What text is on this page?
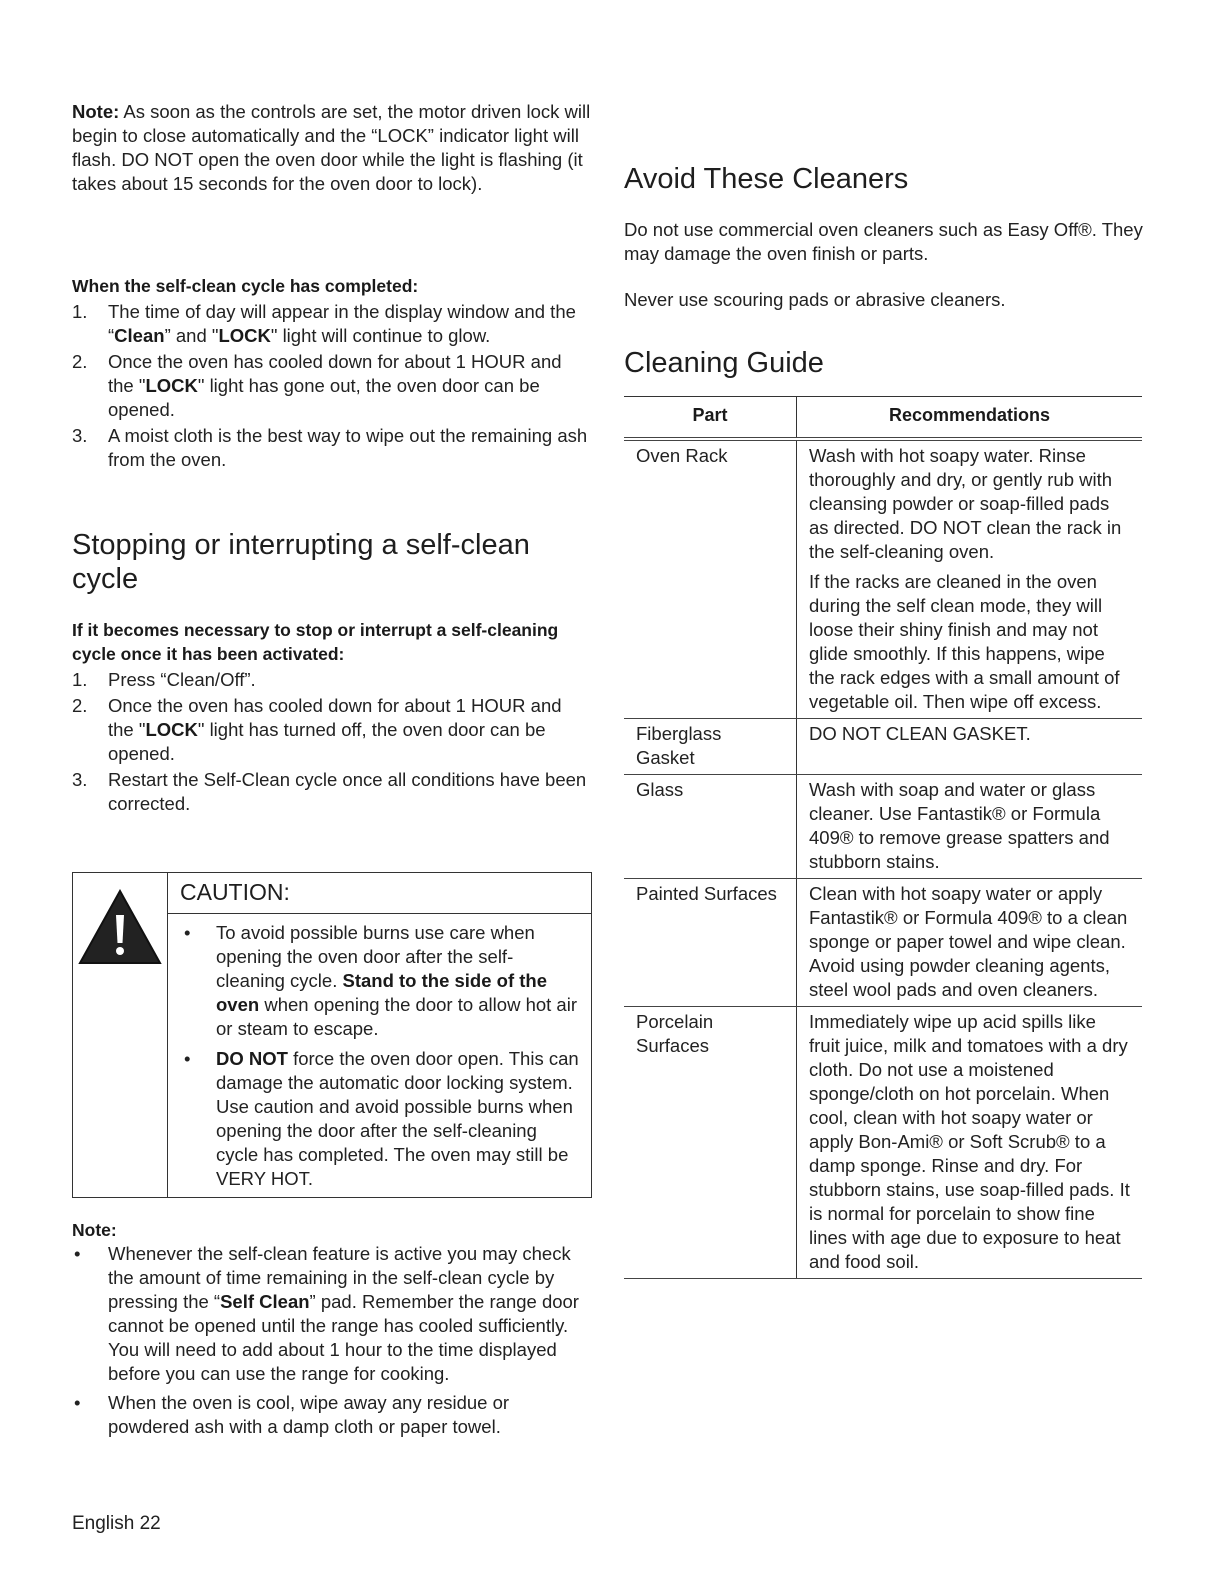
Note: As soon as the controls are set, the motor driven lock will begin to close automatically and the “LOCK” indicator light will flash. DO NOT open the oven door while the light is flashing (it takes about 15 seconds for the oven door to lock).

When the self-clean cycle has completed:
1. The time of day will appear in the display window and the “Clean” and "LOCK" light will continue to glow.
2. Once the oven has cooled down for about 1 HOUR and the "LOCK" light has gone out, the oven door can be opened.
3. A moist cloth is the best way to wipe out the remaining ash from the oven.
Stopping or interrupting a self-clean cycle
If it becomes necessary to stop or interrupt a self-cleaning cycle once it has been activated:
1. Press “Clean/Off”.
2. Once the oven has cooled down for about 1 HOUR and the "LOCK" light has turned off, the oven door can be opened.
3. Restart the Self-Clean cycle once all conditions have been corrected.
CAUTION:
• To avoid possible burns use care when opening the oven door after the self-cleaning cycle. Stand to the side of the oven when opening the door to allow hot air or steam to escape.
• DO NOT force the oven door open. This can damage the automatic door locking system. Use caution and avoid possible burns when opening the door after the self-cleaning cycle has completed. The oven may still be VERY HOT.
Note:
• Whenever the self-clean feature is active you may check the amount of time remaining in the self-clean cycle by pressing the “Self Clean” pad. Remember the range door cannot be opened until the range has cooled sufficiently. You will need to add about 1 hour to the time displayed before you can use the range for cooking.
• When the oven is cool, wipe away any residue or powdered ash with a damp cloth or paper towel.
Avoid These Cleaners

Do not use commercial oven cleaners such as Easy Off®. They may damage the oven finish or parts.

Never use scouring pads or abrasive cleaners.

Cleaning Guide
Part	Recommendations
Oven Rack	Wash with hot soapy water. Rinse thoroughly and dry, or gently rub with cleansing powder or soap-filled pads as directed. DO NOT clean the rack in the self-cleaning oven.

If the racks are cleaned in the oven during the self clean mode, they will loose their shiny finish and may not glide smoothly. If this happens, wipe the rack edges with a small amount of vegetable oil. Then wipe off excess.

Fiberglass Gasket	DO NOT CLEAN GASKET.

Glass	Wash with soap and water or glass cleaner. Use Fantastik® or Formula 409® to remove grease spatters and stubborn stains.

Painted Surfaces	Clean with hot soapy water or apply Fantastik® or Formula 409® to a clean sponge or paper towel and wipe clean. Avoid using powder cleaning agents, steel wool pads and oven cleaners.

Porcelain Surfaces	Immediately wipe up acid spills like fruit juice, milk and tomatoes with a dry cloth. Do not use a moistened sponge/cloth on hot porcelain. When cool, clean with hot soapy water or apply Bon-Ami® or Soft Scrub® to a damp sponge. Rinse and dry. For stubborn stains, use soap-filled pads. It is normal for porcelain to show fine lines with age due to exposure to heat and food soil.

English 22
